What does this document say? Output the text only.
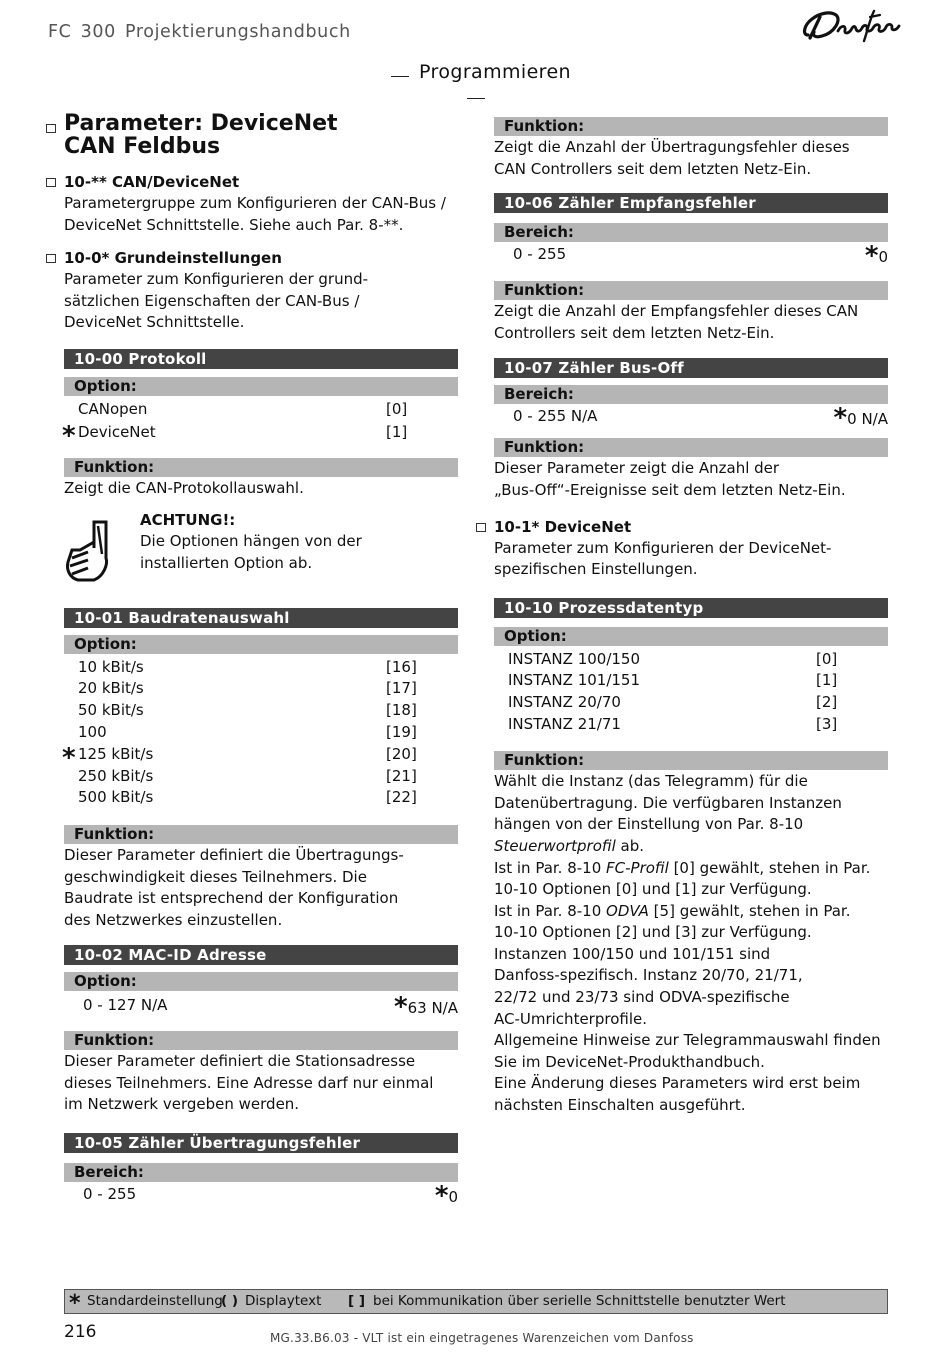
FC 300 Projektierungshandbuch
Programmieren
Parameter: DeviceNet
CAN Feldbus
10-** CAN/DeviceNet
Parametergruppe zum Konfigurieren der CAN-Bus /
DeviceNet Schnittstelle. Siehe auch Par. 8-**.
10-0* Grundeinstellungen
Parameter zum Konfigurieren der grund-
sätzlichen Eigenschaften der CAN-Bus /
DeviceNet Schnittstelle.
10-00 Protokoll
Option:
CANopen	[0]
* DeviceNet	[1]
Funktion:
Zeigt die CAN-Protokollauswahl.
ACHTUNG!:
Die Optionen hängen von der
installierten Option ab.
10-01 Baudratenauswahl
Option:
10 kBit/s	[16]
20 kBit/s	[17]
50 kBit/s	[18]
100	[19]
* 125 kBit/s	[20]
250 kBit/s	[21]
500 kBit/s	[22]
Funktion:
Dieser Parameter definiert die Übertragungs-
geschwindigkeit dieses Teilnehmers. Die
Baudrate ist entsprechend der Konfiguration
des Netzwerkes einzustellen.
10-02 MAC-ID Adresse
Option:
0 - 127 N/A	*63 N/A
Funktion:
Dieser Parameter definiert die Stationsadresse
dieses Teilnehmers. Eine Adresse darf nur einmal
im Netzwerk vergeben werden.
10-05 Zähler Übertragungsfehler
Bereich:
0 - 255	*0
Funktion:
Zeigt die Anzahl der Übertragungsfehler dieses
CAN Controllers seit dem letzten Netz-Ein.
10-06 Zähler Empfangsfehler
Bereich:
0 - 255	*0
Funktion:
Zeigt die Anzahl der Empfangsfehler dieses CAN
Controllers seit dem letzten Netz-Ein.
10-07 Zähler Bus-Off
Bereich:
0 - 255 N/A	*0 N/A
Funktion:
Dieser Parameter zeigt die Anzahl der
„Bus-Off“-Ereignisse seit dem letzten Netz-Ein.
10-1* DeviceNet
Parameter zum Konfigurieren der DeviceNet-
spezifischen Einstellungen.
10-10 Prozessdatentyp
Option:
INSTANZ 100/150	[0]
INSTANZ 101/151	[1]
INSTANZ 20/70	[2]
INSTANZ 21/71	[3]
Funktion:
Wählt die Instanz (das Telegramm) für die
Datenübertragung. Die verfügbaren Instanzen
hängen von der Einstellung von Par. 8-10
Steuerwortprofil ab.
Ist in Par. 8-10 FC-Profil [0] gewählt, stehen in Par.
10-10 Optionen [0] und [1] zur Verfügung.
Ist in Par. 8-10 ODVA [5] gewählt, stehen in Par.
10-10 Optionen [2] und [3] zur Verfügung.
Instanzen 100/150 und 101/151 sind
Danfoss-spezifisch. Instanz 20/70, 21/71,
22/72 und 23/73 sind ODVA-spezifische
AC-Umrichterprofile.
Allgemeine Hinweise zur Telegrammauswahl finden
Sie im DeviceNet-Produkthandbuch.
Eine Änderung dieses Parameters wird erst beim
nächsten Einschalten ausgeführt.
* Standardeinstellung
( ) Displaytext [ ] bei Kommunikation über serielle Schnittstelle benutzter Wert
216	MG.33.B6.03 - VLT ist ein eingetragenes Warenzeichen vom Danfoss
